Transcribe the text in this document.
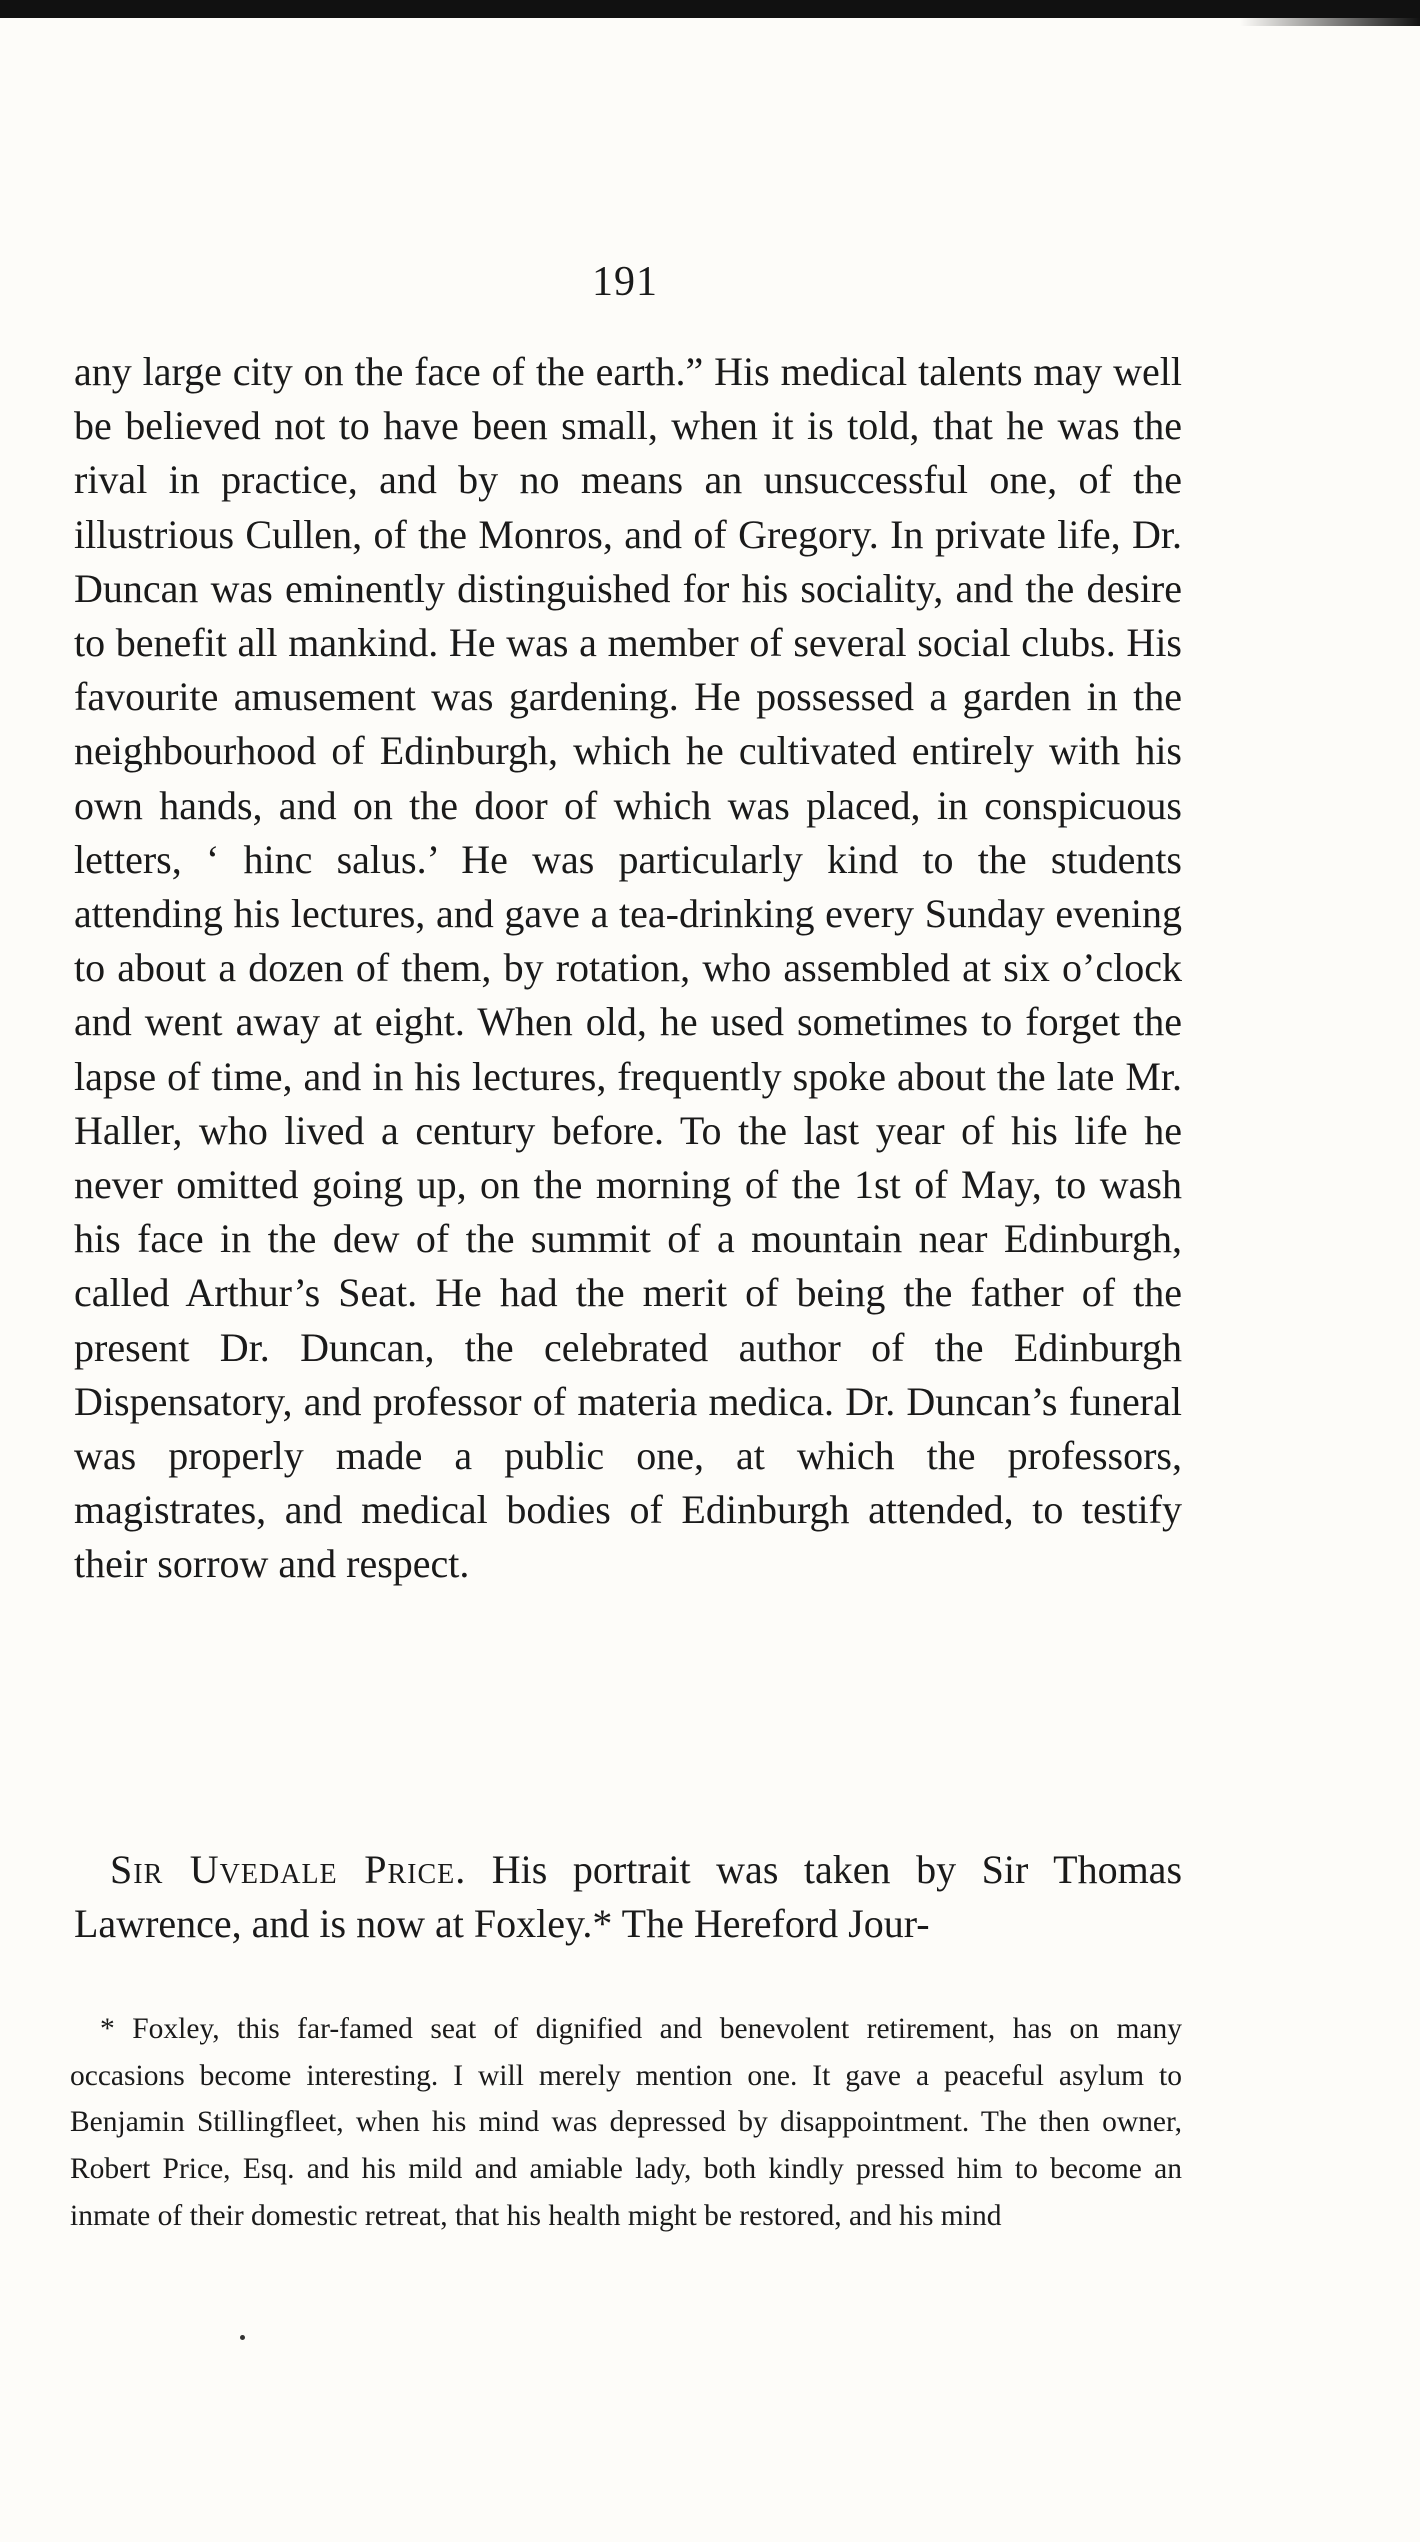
191

any large city on the face of the earth.” His medical talents may well be believed not to have been small, when it is told, that he was the rival in practice, and by no means an unsuccessful one, of the illustrious Cullen, of the Monros, and of Gregory. In private life, Dr. Duncan was eminently distinguished for his sociality, and the desire to benefit all mankind. He was a member of several social clubs. His favourite amusement was gardening. He possessed a garden in the neighbourhood of Edinburgh, which he cultivated entirely with his own hands, and on the door of which was placed, in conspicuous letters, ‘ hinc salus.’ He was particularly kind to the students attending his lectures, and gave a tea-drinking every Sunday evening to about a dozen of them, by rotation, who assembled at six o’clock and went away at eight. When old, he used sometimes to forget the lapse of time, and in his lectures, frequently spoke about the late Mr. Haller, who lived a century before. To the last year of his life he never omitted going up, on the morning of the 1st of May, to wash his face in the dew of the summit of a mountain near Edinburgh, called Arthur’s Seat. He had the merit of being the father of the present Dr. Duncan, the celebrated author of the Edinburgh Dispensatory, and professor of materia medica. Dr. Duncan’s funeral was properly made a public one, at which the professors, magistrates, and medical bodies of Edinburgh attended, to testify their sorrow and respect.

Sir Uvedale Price. His portrait was taken by Sir Thomas Lawrence, and is now at Foxley.* The Hereford Jour-

* Foxley, this far-famed seat of dignified and benevolent retirement, has on many occasions become interesting. I will merely mention one. It gave a peaceful asylum to Benjamin Stillingfleet, when his mind was depressed by disappointment. The then owner, Robert Price, Esq. and his mild and amiable lady, both kindly pressed him to become an inmate of their domestic retreat, that his health might be restored, and his mind
